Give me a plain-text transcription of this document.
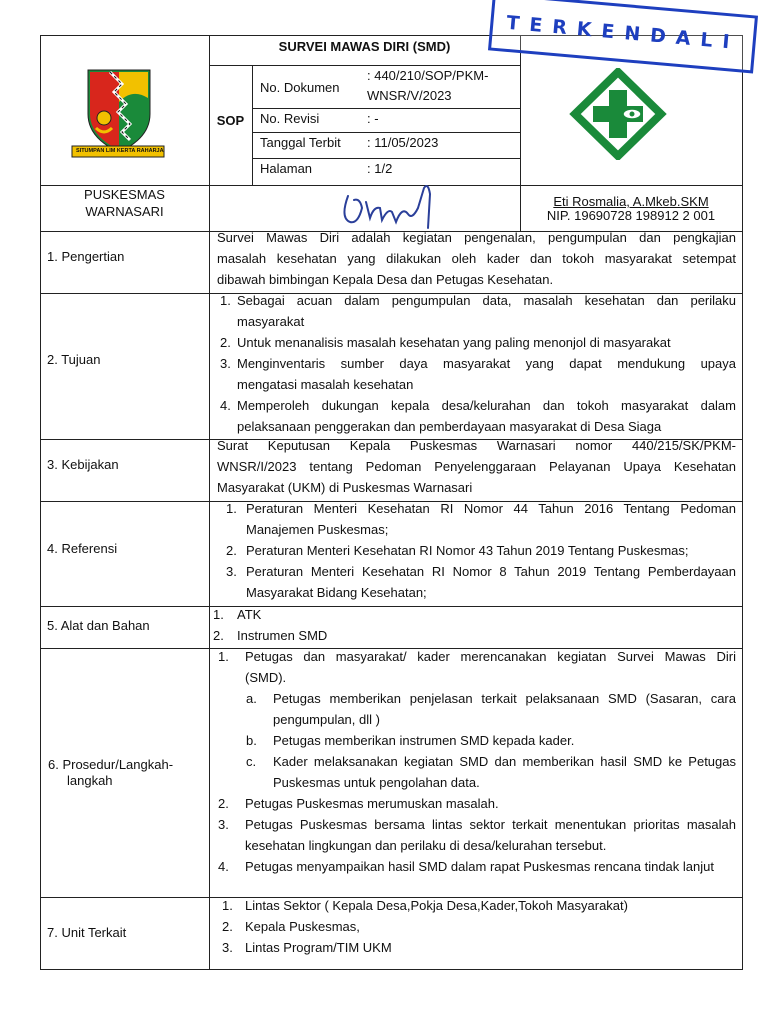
SITUMPAN LIM KERTA RAHARJA
SURVEI MAWAS DIRI (SMD)
SOP
No. Dokumen
: 440/210/SOP/PKM-
WNSR/V/2023
No. Revisi	: -
Tanggal Terbit : 11/05/2023
Halaman	: 1/2
PUSKESMAS
WARNASARI
Eti Rosmalia, A.Mkeb.SKM
NIP. 19690728 198912 2 001
TERKENDALI
1. Pengertian
Survei Mawas Diri adalah kegiatan pengenalan, pengumpulan dan pengkajian
masalah kesehatan yang dilakukan oleh kader dan tokoh masyarakat setempat
dibawah bimbingan Kepala Desa dan Petugas Kesehatan.
2. Tujuan
1. Sebagai acuan dalam pengumpulan data, masalah kesehatan dan perilaku
masyarakat
2. Untuk menanalisis masalah kesehatan yang paling menonjol di masyarakat
3. Menginventaris sumber daya masyarakat yang dapat mendukung upaya
mengatasi masalah kesehatan
4. Memperoleh dukungan kepala desa/kelurahan dan tokoh masyarakat dalam
pelaksanaan penggerakan dan pemberdayaan masyarakat di Desa Siaga
3. Kebijakan
Surat Keputusan Kepala Puskesmas Warnasari nomor 440/215/SK/PKM-
WNSR/I/2023 tentang Pedoman Penyelenggaraan Pelayanan Upaya Kesehatan
Masyarakat (UKM) di Puskesmas Warnasari
4. Referensi
1. Peraturan Menteri Kesehatan RI Nomor 44 Tahun 2016 Tentang Pedoman
Manajemen Puskesmas;
2. Peraturan Menteri Kesehatan RI Nomor 43 Tahun 2019 Tentang Puskesmas;
3. Peraturan Menteri Kesehatan RI Nomor 8 Tahun 2019 Tentang Pemberdayaan
Masyarakat Bidang Kesehatan;
5. Alat dan Bahan
1. ATK
2. Instrumen SMD
6. Prosedur/Langkah-
langkah
1. Petugas dan masyarakat/ kader merencanakan kegiatan Survei Mawas Diri
(SMD).
a. Petugas memberikan penjelasan terkait pelaksanaan SMD (Sasaran, cara
pengumpulan, dll )
b. Petugas memberikan instrumen SMD kepada kader.
c. Kader melaksanakan kegiatan SMD dan memberikan hasil SMD ke Petugas
Puskesmas untuk pengolahan data.
2. Petugas Puskesmas merumuskan masalah.
3. Petugas Puskesmas bersama lintas sektor terkait menentukan prioritas masalah
kesehatan lingkungan dan perilaku di desa/kelurahan tersebut.
4. Petugas menyampaikan hasil SMD dalam rapat Puskesmas rencana tindak lanjut
7. Unit Terkait
1. Lintas Sektor ( Kepala Desa,Pokja Desa,Kader,Tokoh Masyarakat)
2. Kepala Puskesmas,
3. Lintas Program/TIM UKM
